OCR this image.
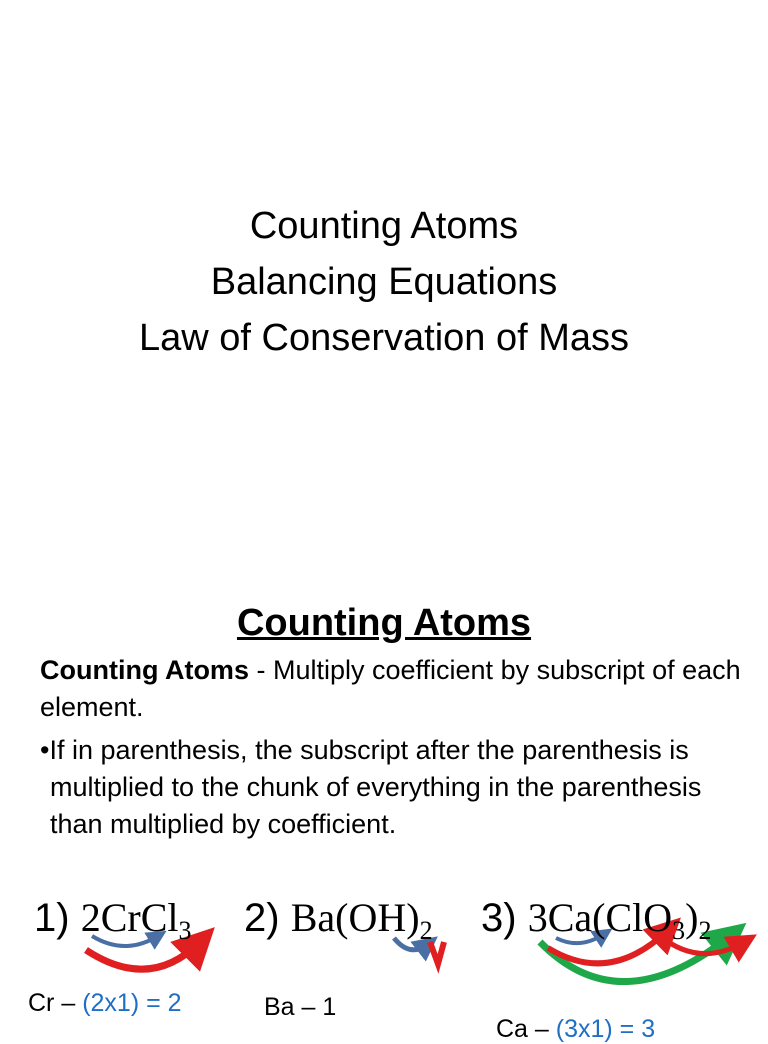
Counting Atoms
Balancing Equations
Law of Conservation of Mass
Counting Atoms
Counting Atoms - Multiply coefficient by subscript of each element.
•If in parenthesis, the subscript after the parenthesis is multiplied to the chunk of everything in the parenthesis than multiplied by coefficient.
1) 2CrCl$_3$ 2) $Ba(OH)_2$ 3) $3Ca(ClO_3)_2$
Cr – (2x1) = 2	Ba – 1
Ca – (3x1) = 3
